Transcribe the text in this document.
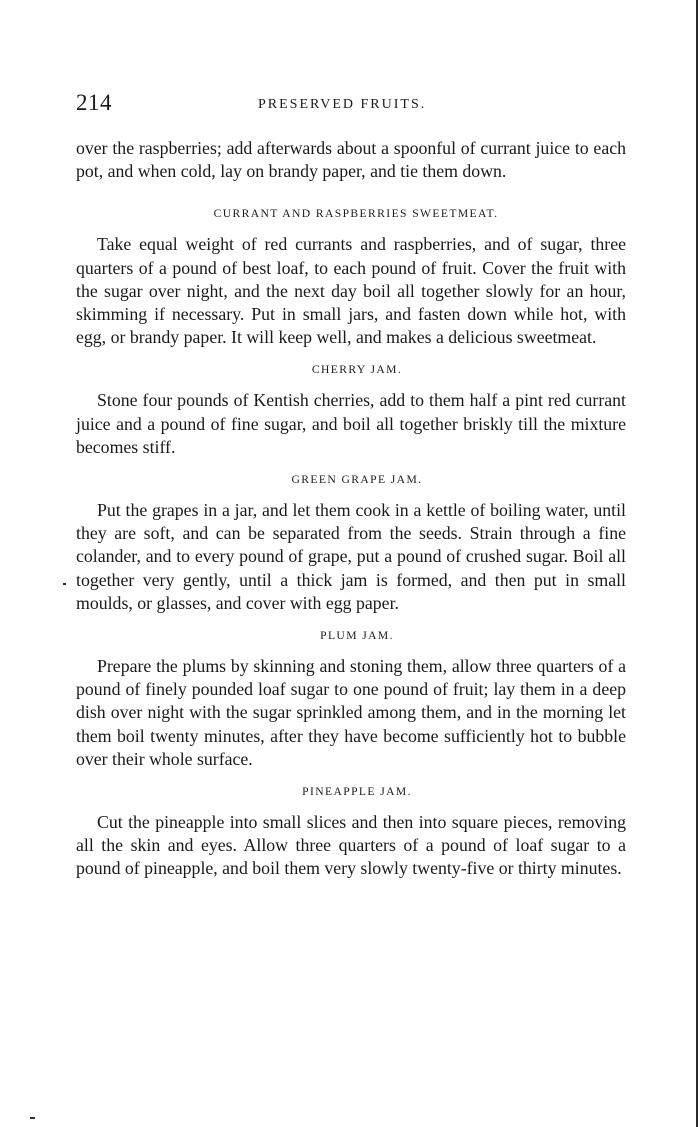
214	PRESERVED FRUITS.

over the raspberries; add afterwards about a spoonful of currant juice to each pot, and when cold, lay on brandy paper, and tie them down.

CURRANT AND RASPBERRIES SWEETMEAT.

Take equal weight of red currants and raspberries, and of sugar, three quarters of a pound of best loaf, to each pound of fruit. Cover the fruit with the sugar over night, and the next day boil all together slowly for an hour, skimming if necessary. Put in small jars, and fasten down while hot, with egg, or brandy paper. It will keep well, and makes a delicious sweetmeat.

CHERRY JAM.

Stone four pounds of Kentish cherries, add to them half a pint red currant juice and a pound of fine sugar, and boil all together briskly till the mixture becomes stiff.

GREEN GRAPE JAM.

Put the grapes in a jar, and let them cook in a kettle of boiling water, until they are soft, and can be separated from the seeds. Strain through a fine colander, and to every pound of grape, put a pound of crushed sugar. Boil all together very gently, until a thick jam is formed, and then put in small moulds, or glasses, and cover with egg paper.

PLUM JAM.

Prepare the plums by skinning and stoning them, allow three quarters of a pound of finely pounded loaf sugar to one pound of fruit; lay them in a deep dish over night with the sugar sprinkled among them, and in the morning let them boil twenty minutes, after they have become sufficiently hot to bubble over their whole surface.

PINEAPPLE JAM.

Cut the pineapple into small slices and then into square pieces, removing all the skin and eyes. Allow three quarters of a pound of loaf sugar to a pound of pineapple, and boil them very slowly twenty-five or thirty minutes.
